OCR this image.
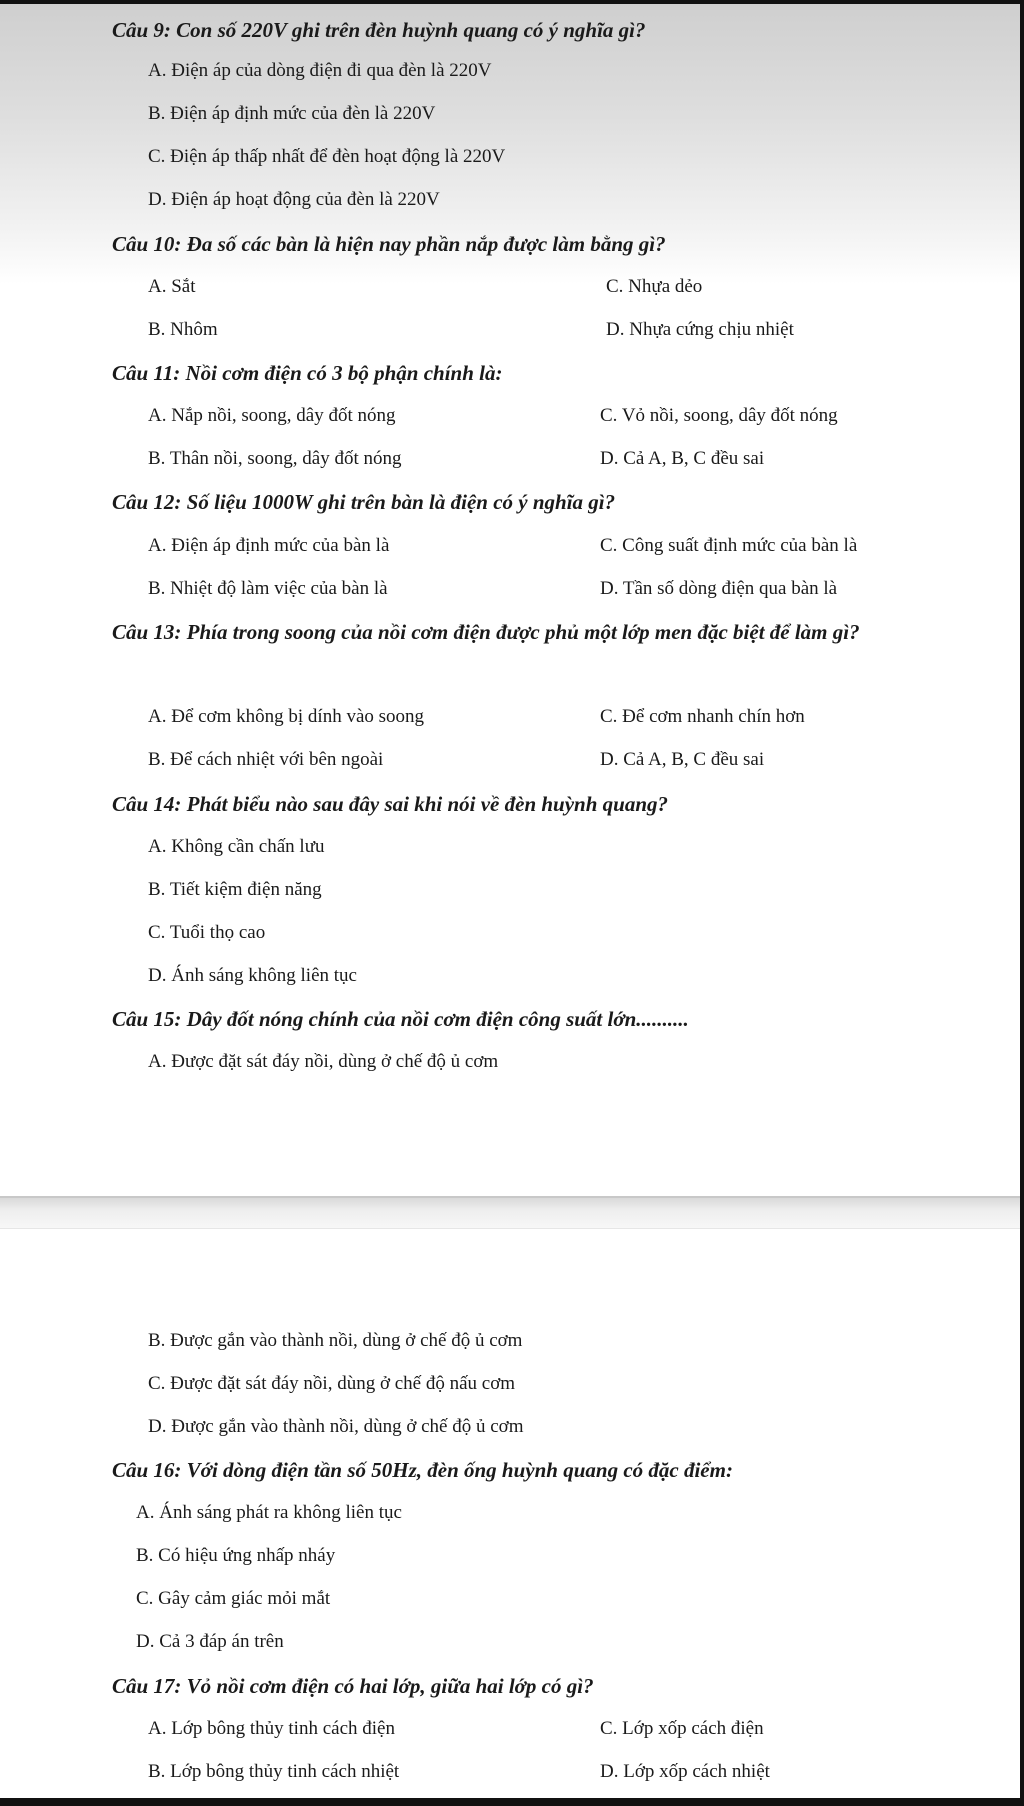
Câu 9: Con số 220V ghi trên đèn huỳnh quang có ý nghĩa gì?
A. Điện áp của dòng điện đi qua đèn là 220V
B. Điện áp định mức của đèn là 220V
C. Điện áp thấp nhất để đèn hoạt động là 220V
D. Điện áp hoạt động của đèn là 220V
Câu 10: Đa số các bàn là hiện nay phần nắp được làm bằng gì?
A. Sắt	C. Nhựa dẻo
B. Nhôm	D. Nhựa cứng chịu nhiệt
Câu 11: Nồi cơm điện có 3 bộ phận chính là:
A. Nắp nồi, soong, dây đốt nóng	C. Vỏ nồi, soong, dây đốt nóng
B. Thân nồi, soong, dây đốt nóng	D. Cả A, B, C đều sai
Câu 12: Số liệu 1000W ghi trên bàn là điện có ý nghĩa gì?
A. Điện áp định mức của bàn là	C. Công suất định mức của bàn là
B. Nhiệt độ làm việc của bàn là	D. Tần số dòng điện qua bàn là
Câu 13: Phía trong soong của nồi cơm điện được phủ một lớp men đặc biệt để làm gì?
A. Để cơm không bị dính vào soong	C. Để cơm nhanh chín hơn
B. Để cách nhiệt với bên ngoài	D. Cả A, B, C đều sai
Câu 14: Phát biểu nào sau đây sai khi nói về đèn huỳnh quang?
A. Không cần chấn lưu
B. Tiết kiệm điện năng
C. Tuổi thọ cao
D. Ánh sáng không liên tục
Câu 15: Dây đốt nóng chính của nồi cơm điện công suất lớn..........
A. Được đặt sát đáy nồi, dùng ở chế độ ủ cơm
B. Được gắn vào thành nồi, dùng ở chế độ ủ cơm
C. Được đặt sát đáy nồi, dùng ở chế độ nấu cơm
D. Được gắn vào thành nồi, dùng ở chế độ ủ cơm
Câu 16: Với dòng điện tần số 50Hz, đèn ống huỳnh quang có đặc điểm:
A. Ánh sáng phát ra không liên tục
B. Có hiệu ứng nhấp nháy
C. Gây cảm giác mỏi mắt
D. Cả 3 đáp án trên
Câu 17: Vỏ nồi cơm điện có hai lớp, giữa hai lớp có gì?
A. Lớp bông thủy tinh cách điện	C. Lớp xốp cách điện
B. Lớp bông thủy tinh cách nhiệt	D. Lớp xốp cách nhiệt
